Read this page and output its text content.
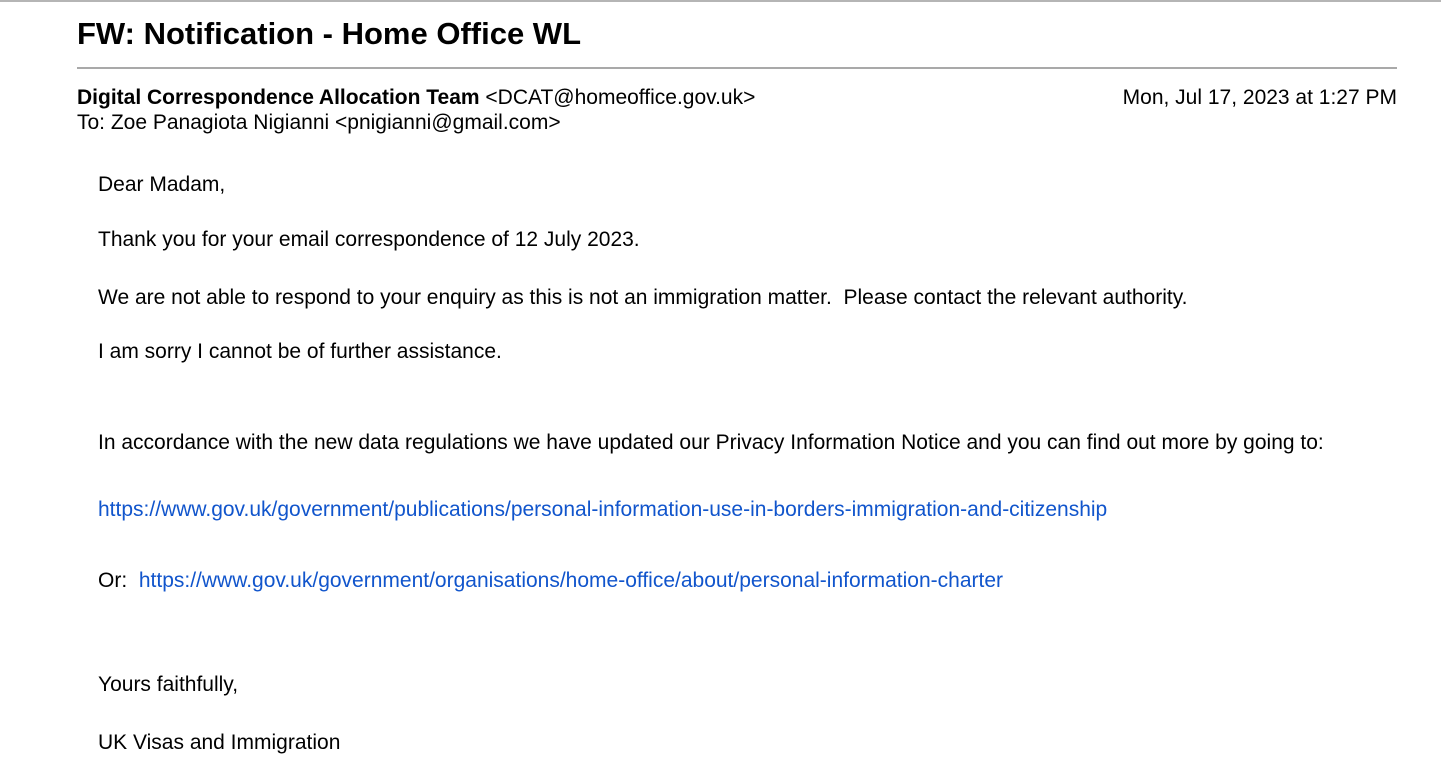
FW: Notification - Home Office WL
Digital Correspondence Allocation Team <DCAT@homeoffice.gov.uk>
To: Zoe Panagiota Nigianni <pnigianni@gmail.com>
Mon, Jul 17, 2023 at 1:27 PM

Dear Madam,

Thank you for your email correspondence of 12 July 2023.

We are not able to respond to your enquiry as this is not an immigration matter.  Please contact the relevant authority.

I am sorry I cannot be of further assistance.

In accordance with the new data regulations we have updated our Privacy Information Notice and you can find out more by going to:

https://www.gov.uk/government/publications/personal-information-use-in-borders-immigration-and-citizenship

Or:  https://www.gov.uk/government/organisations/home-office/about/personal-information-charter

Yours faithfully,

UK Visas and Immigration
